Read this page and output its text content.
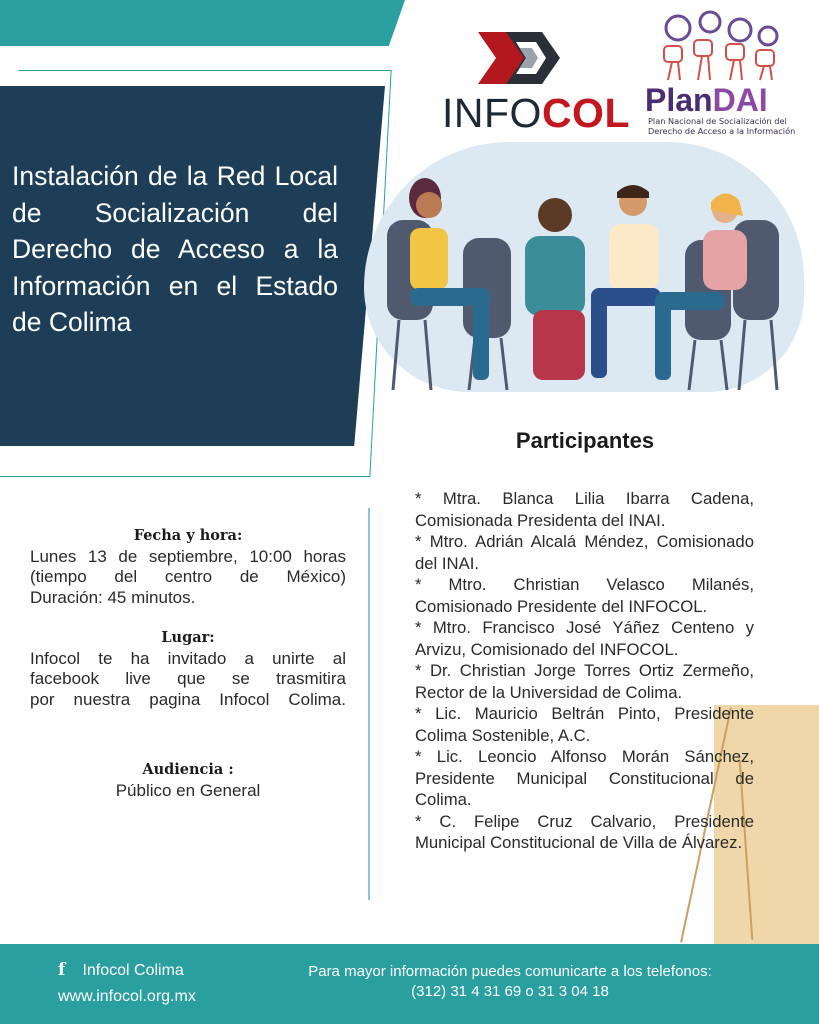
Instalación de la Red Local de Socialización del Derecho de Acceso a la Información en el Estado de Colima
INFOCOL PlanDAI
Plan Nacional de Socialización del Derecho de Acceso a la Información
Participantes
Fecha y hora:
Lunes 13 de septiembre, 10:00 horas
(tiempo del centro de México)
Duración: 45 minutos.
Lugar:
Infocol te ha invitado a unirte al
facebook live que se trasmitira
por nuestra pagina Infocol Colima.
Audiencia :
Público en General

* Mtra. Blanca Lilia Ibarra Cadena, Comisionada Presidenta del INAI.

* Mtro. Adrián Alcalá Méndez, Comisionado del INAI.

* Mtro. Christian Velasco Milanés, Comisionado Presidente del INFOCOL.

* Mtro. Francisco José Yáñez Centeno y Arvizu, Comisionado del INFOCOL.

* Dr. Christian Jorge Torres Ortiz Zermeño, Rector de la Universidad de Colima.

* Lic. Mauricio Beltrán Pinto, Presidente Colima Sostenible, A.C.

* Lic. Leoncio Alfonso Morán Sánchez, Presidente Municipal Constitucional de Colima.

* C. Felipe Cruz Calvario, Presidente Municipal Constitucional de Villa de Álvarez.

f Infocol Colima
www.infocol.org.mx
Para mayor información puedes comunicarte a los telefonos:
(312) 31 4 31 69 o 31 3 04 18
